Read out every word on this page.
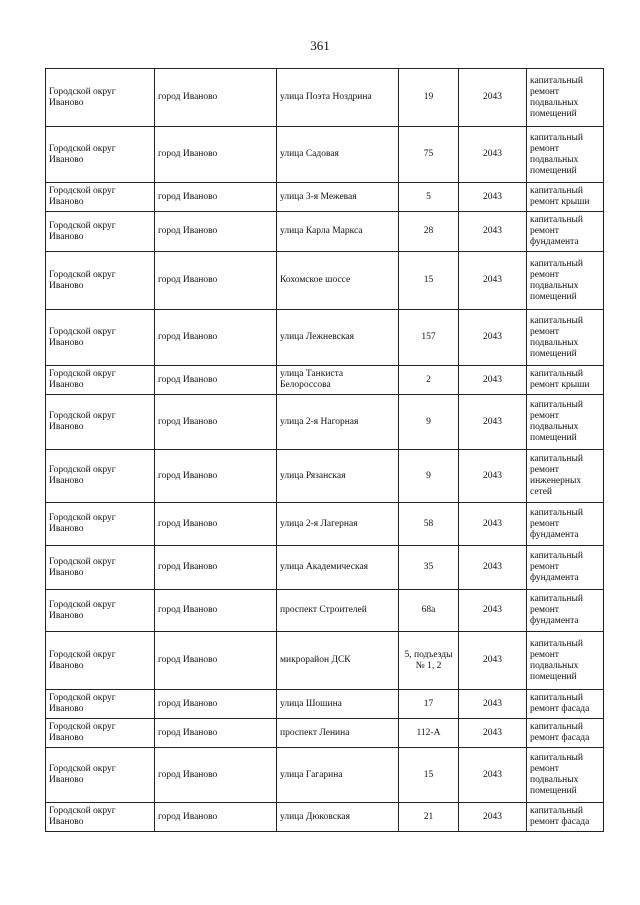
361
Городской округ Иваново	город Иваново	улица Поэта Ноздрина	19	2043	капитальный ремонт подвальных помещений
Городской округ Иваново	город Иваново	улица Садовая	75	2043	капитальный ремонт подвальных помещений
Городской округ Иваново	город Иваново	улица 3-я Межевая	5	2043	капитальный ремонт крыши
Городской округ Иваново	город Иваново	улица Карла Маркса	28	2043	капитальный ремонт фундамента
Городской округ Иваново	город Иваново	Кохомское шоссе	15	2043	капитальный ремонт подвальных помещений
Городской округ Иваново	город Иваново	улица Лежневская	157	2043	капитальный ремонт подвальных помещений
Городской округ Иваново	город Иваново	улица Танкиста Белороссова	2	2043	капитальный ремонт крыши
Городской округ Иваново	город Иваново	улица 2-я Нагорная	9	2043	капитальный ремонт подвальных помещений
Городской округ Иваново	город Иваново	улица Рязанская	9	2043	капитальный ремонт инженерных сетей
Городской округ Иваново	город Иваново	улица 2-я Лагерная	58	2043	капитальный ремонт фундамента
Городской округ Иваново	город Иваново	улица Академическая	35	2043	капитальный ремонт фундамента
Городской округ Иваново	город Иваново	проспект Строителей	68а	2043	капитальный ремонт фундамента
Городской округ Иваново	город Иваново	микрорайон ДСК	5, подъезды № 1, 2	2043	капитальный ремонт подвальных помещений
Городской округ Иваново	город Иваново	улица Шошина	17	2043	капитальный ремонт фасада
Городской округ Иваново	город Иваново	проспект Ленина	112-А	2043	капитальный ремонт фасада
Городской округ Иваново	город Иваново	улица Гагарина	15	2043	капитальный ремонт подвальных помещений
Городской округ Иваново	город Иваново	улица Дюковская	21	2043	капитальный ремонт фасада
